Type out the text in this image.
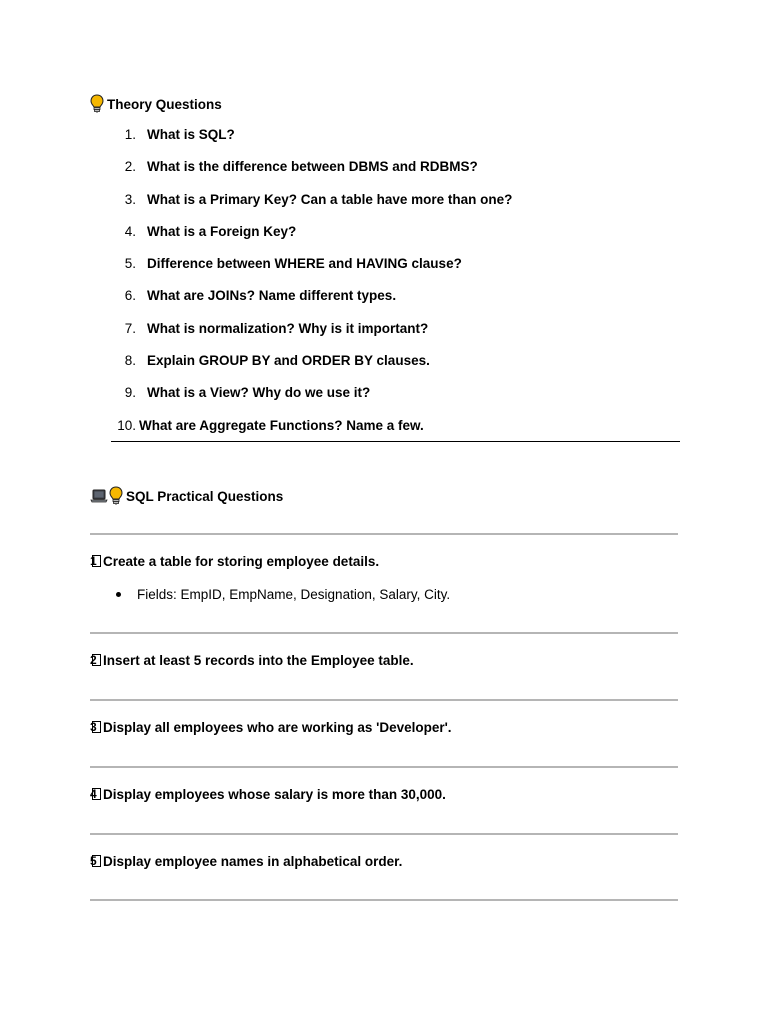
Theory Questions
1. What is SQL?
2. What is the difference between DBMS and RDBMS?
3. What is a Primary Key? Can a table have more than one?
4. What is a Foreign Key?
5. Difference between WHERE and HAVING clause?
6. What are JOINs? Name different types.
7. What is normalization? Why is it important?
8. Explain GROUP BY and ORDER BY clauses.
9. What is a View? Why do we use it?
10. What are Aggregate Functions? Name a few.
SQL Practical Questions
1 Create a table for storing employee details.
Fields: EmpID, EmpName, Designation, Salary, City.
2 Insert at least 5 records into the Employee table.
3 Display all employees who are working as 'Developer'.
4 Display employees whose salary is more than 30,000.
5 Display employee names in alphabetical order.
